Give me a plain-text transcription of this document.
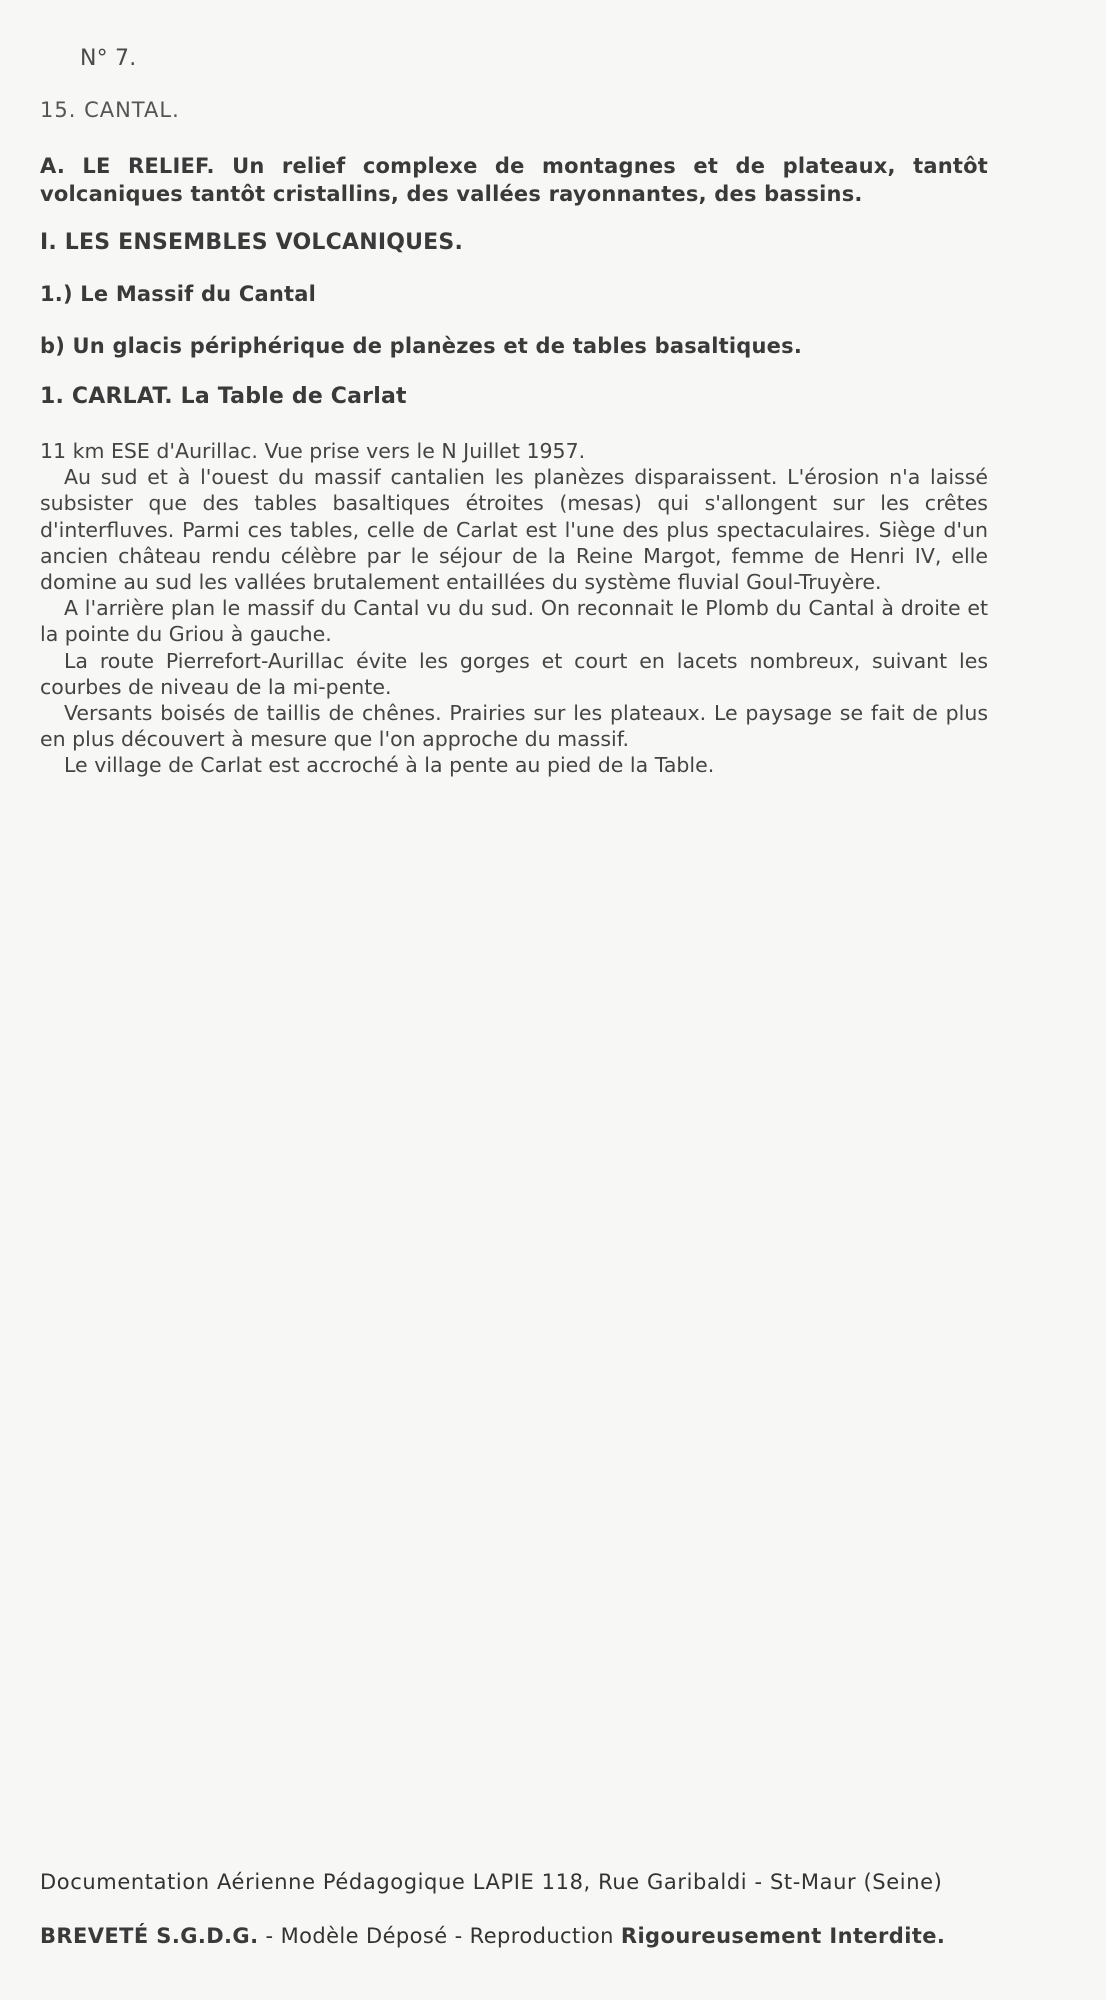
N° 7.
15. CANTAL.
A. LE RELIEF. Un relief complexe de montagnes et de plateaux, tantôt volcaniques tantôt cristallins, des vallées rayonnantes, des bassins.
I. LES ENSEMBLES VOLCANIQUES.
1.) Le Massif du Cantal
b) Un glacis périphérique de planèzes et de tables basaltiques.
1. CARLAT. La Table de Carlat

11 km ESE d'Aurillac. Vue prise vers le N Juillet 1957.

Au sud et à l'ouest du massif cantalien les planèzes disparaissent. L'érosion n'a laissé subsister que des tables basaltiques étroites (mesas) qui s'allongent sur les crêtes d'interfluves. Parmi ces tables, celle de Carlat est l'une des plus spectaculaires. Siège d'un ancien château rendu célèbre par le séjour de la Reine Margot, femme de Henri IV, elle domine au sud les vallées brutalement entaillées du système fluvial Goul-Truyère.

A l'arrière plan le massif du Cantal vu du sud. On reconnait le Plomb du Cantal à droite et la pointe du Griou à gauche.

La route Pierrefort-Aurillac évite les gorges et court en lacets nombreux, suivant les courbes de niveau de la mi-pente.

Versants boisés de taillis de chênes. Prairies sur les plateaux. Le paysage se fait de plus en plus découvert à mesure que l'on approche du massif.

Le village de Carlat est accroché à la pente au pied de la Table.

Documentation Aérienne Pédagogique LAPIE 118, Rue Garibaldi - St-Maur (Seine)
BREVETÉ S.G.D.G. - Modèle Déposé - Reproduction Rigoureusement Interdite.
